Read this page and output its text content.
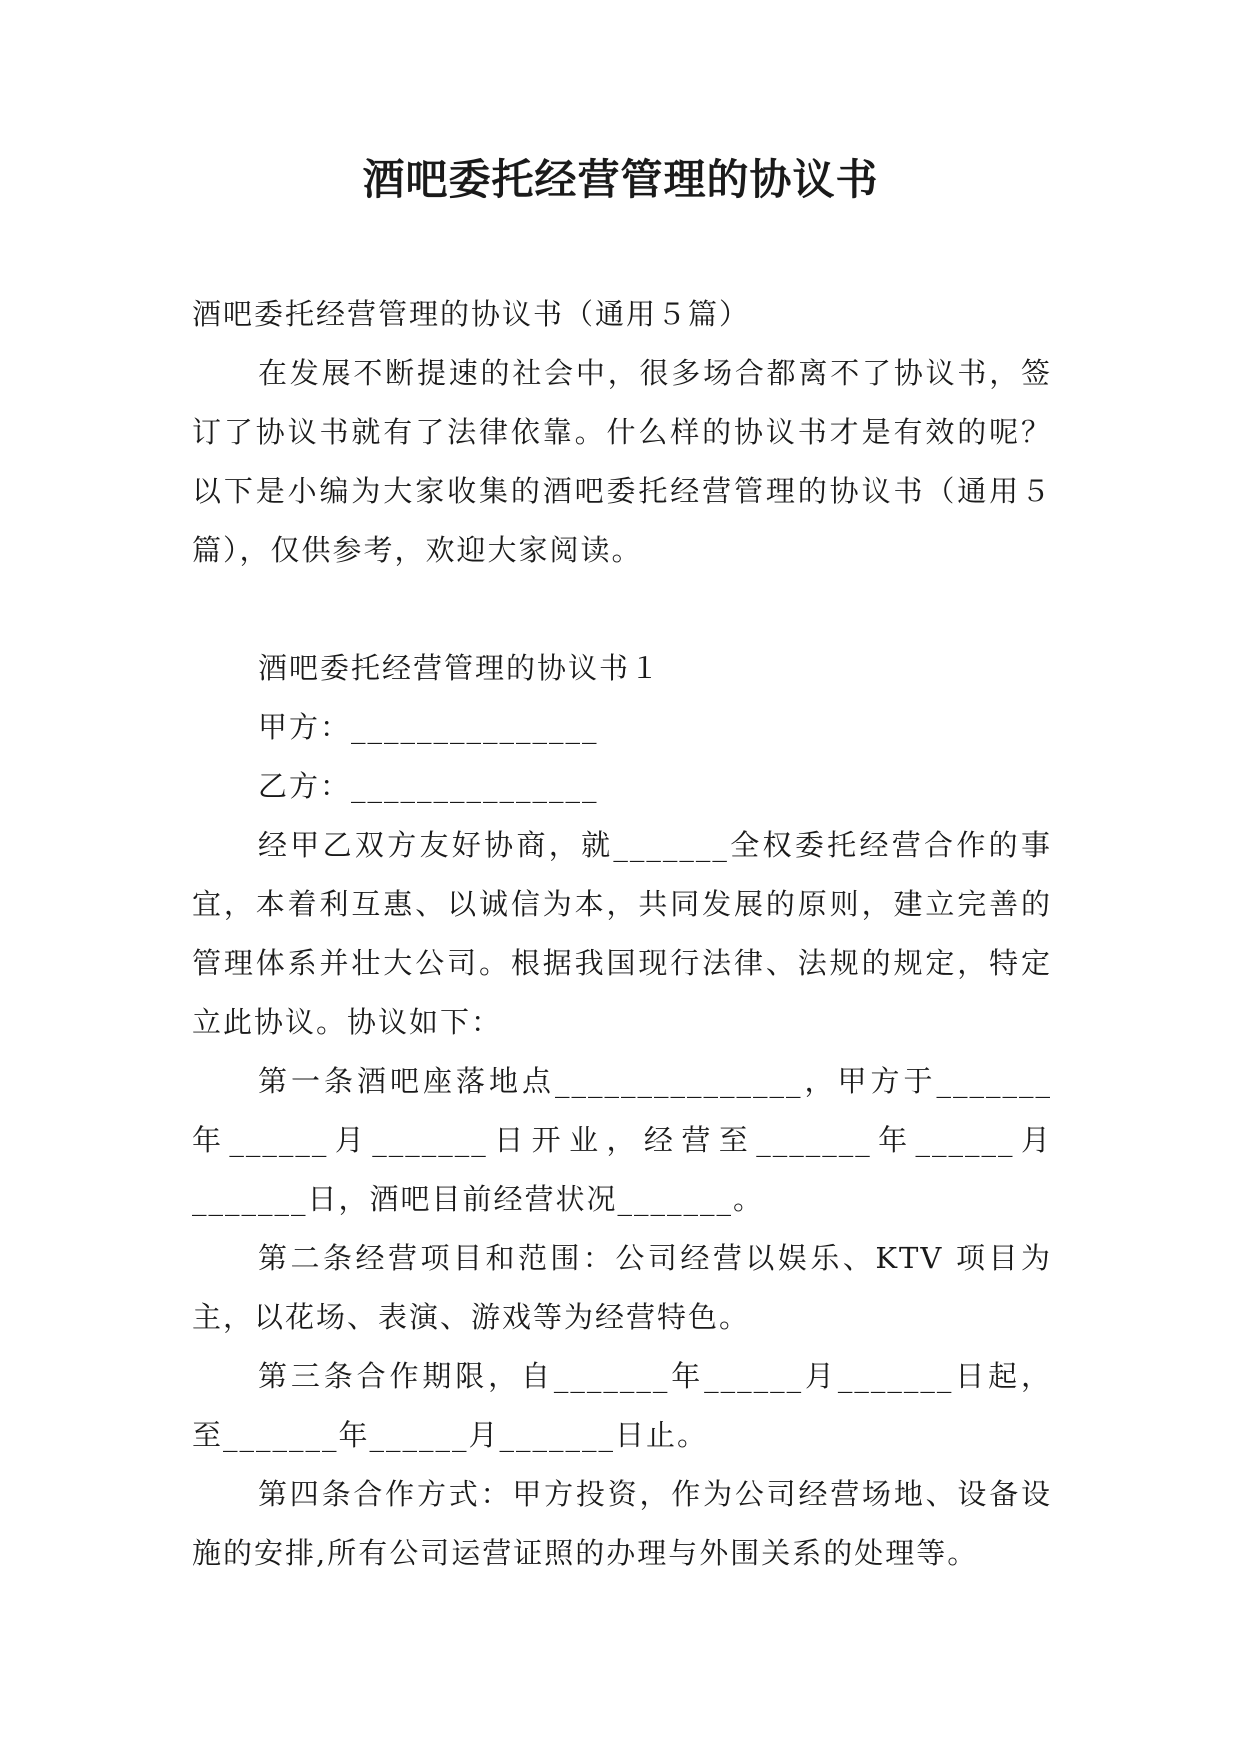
酒吧委托经营管理的协议书

酒吧委托经营管理的协议书（通用５篇）

在发展不断提速的社会中，很多场合都离不了协议书，签订了协议书就有了法律依靠。什么样的协议书才是有效的呢？以下是小编为大家收集的酒吧委托经营管理的协议书（通用５篇），仅供参考，欢迎大家阅读。

酒吧委托经营管理的协议书１

甲方：_______________

乙方：_______________

经甲乙双方友好协商，就_______全权委托经营合作的事宜，本着利互惠、以诚信为本，共同发展的原则，建立完善的管理体系并壮大公司。根据我国现行法律、法规的规定，特定立此协议。协议如下：

第一条酒吧座落地点_______________，甲方于_______年______月_______日开业，经营至_______年______月_______日，酒吧目前经营状况_______。

第二条经营项目和范围：公司经营以娱乐、KTV 项目为主，以花场、表演、游戏等为经营特色。

第三条合作期限，自_______年______月_______日起，至_______年______月_______日止。

第四条合作方式：甲方投资，作为公司经营场地、设备设施的安排,所有公司运营证照的办理与外围关系的处理等。
